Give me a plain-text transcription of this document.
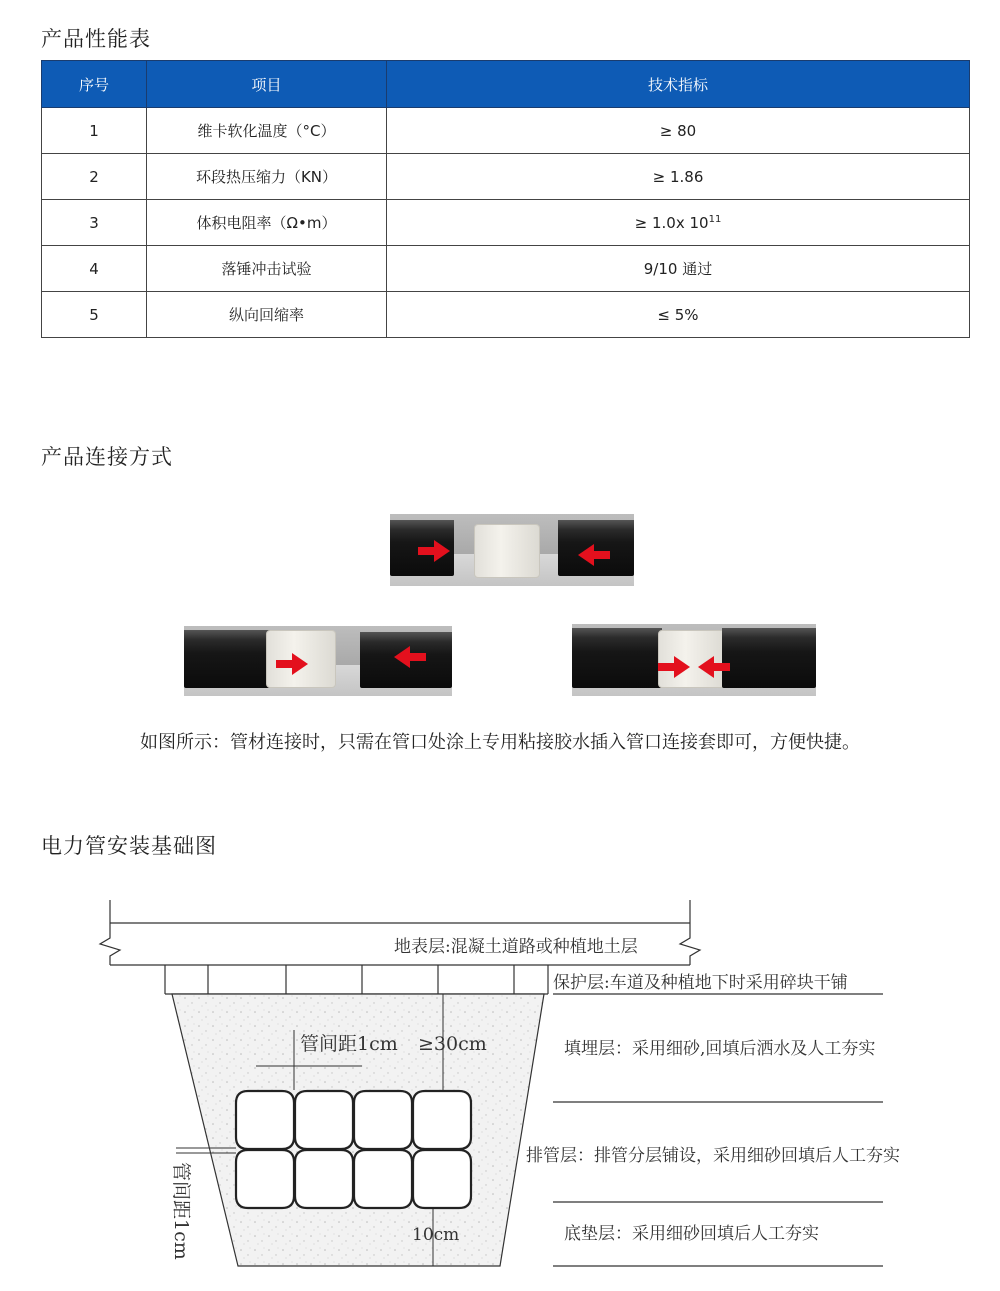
产品性能表
序号	项目	技术指标
1	维卡软化温度（°C）	≥ 80
2	环段热压缩力（KN）	≥ 1.86
3	体积电阻率（Ω•m）	≥ 1.0x $10^{11}$
4	落锤冲击试验	9/10 通过
5	纵向回缩率	≤ 5%
产品连接方式
如图所示：管材连接时，只需在管口处涂上专用粘接胶水插入管口连接套即可，方便快捷。
电力管安装基础图
管间距1cm ≥30cm
10cm
管间距1cm
地表层:混凝土道路或种植地土层
保护层:车道及种植地下时采用碎块干铺
填埋层：采用细砂,回填后洒水及人工夯实
排管层：排管分层铺设，采用细砂回填后人工夯实
底垫层：采用细砂回填后人工夯实
